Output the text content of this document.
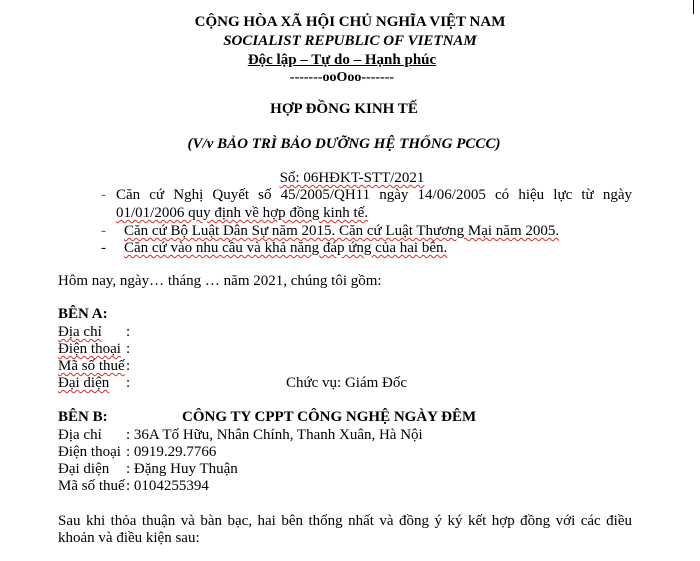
CỘNG HÒA XÃ HỘI CHỦ NGHĨA VIỆT NAM
SOCIALIST REPUBLIC OF VIETNAM
Độc lập – Tự do – Hạnh phúc
-------ooOoo-------
HỢP ĐỒNG KINH TẾ
(V/v BẢO TRÌ BẢO DƯỠNG HỆ THỐNG PCCC)
Số: 06HĐKT-STT/2021
- Căn cứ Nghị Quyết số 45/2005/QH11 ngày 14/06/2005 có hiệu lực từ ngày
01/01/2006 quy định về hợp đồng kinh tế.
- Căn cứ Bộ Luật Dân Sự năm 2015. Căn cứ Luật Thương Mại năm 2005.
- Căn cứ vào nhu cầu và khả năng đáp ứng của hai bên.
Hôm nay, ngày… tháng … năm 2021, chúng tôi gồm:
BÊN A:
Địa chỉ :
Điện thoại :
Mã số thuế :
Đại diện :	Chức vụ: Giám Đốc
BÊN B:	CÔNG TY CPPT CÔNG NGHỆ NGÀY ĐÊM
Địa chỉ : 36A Tố Hữu, Nhân Chính, Thanh Xuân, Hà Nội
Điện thoại : 0919.29.7766
Đại diện : Đặng Huy Thuận
Mã số thuế : 0104255394
Sau khi thỏa thuận và bàn bạc, hai bên thống nhất và đồng ý ký kết hợp đồng với các điều
khoản và điều kiện sau:
